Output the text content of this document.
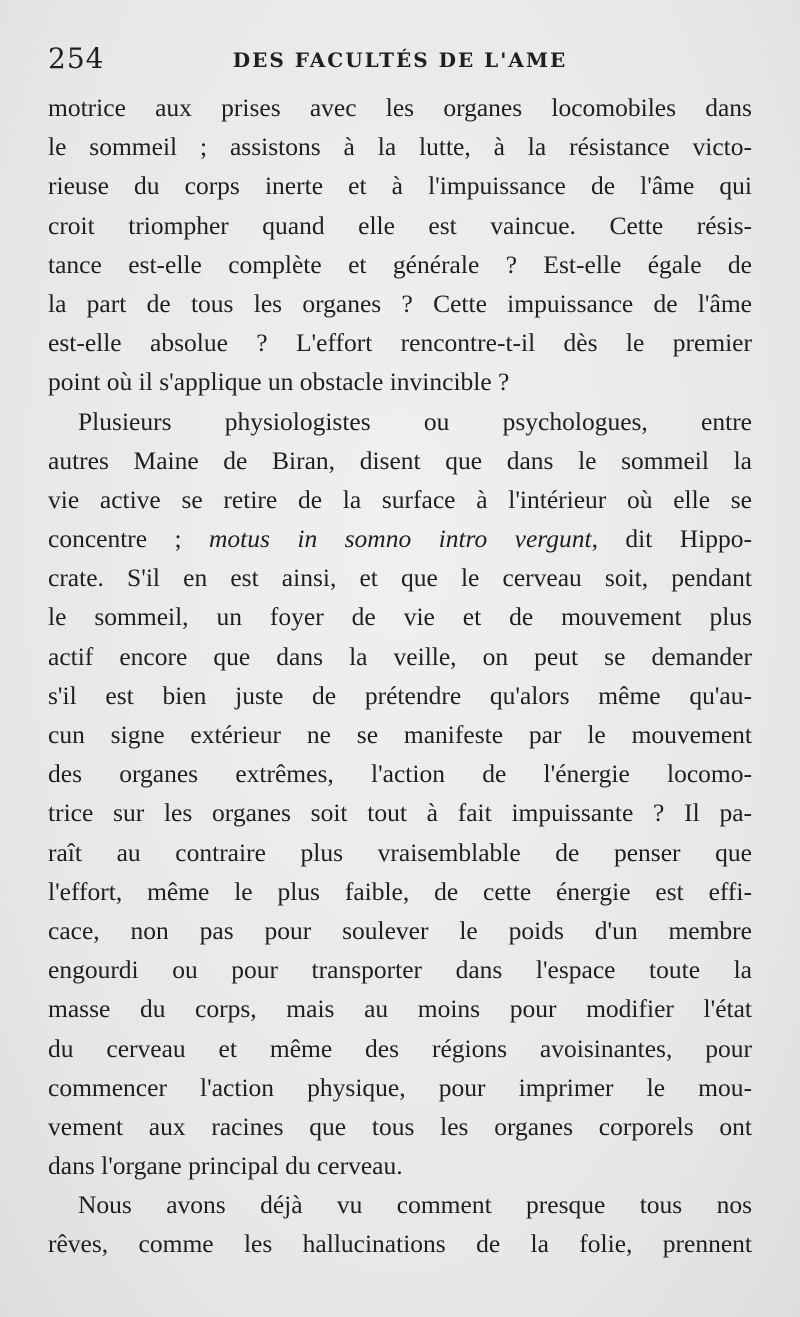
254	DES FACULTÉS DE L'AME
motrice aux prises avec les organes locomobiles dans
le sommeil ; assistons à la lutte, à la résistance victo-
rieuse du corps inerte et à l'impuissance de l'âme qui
croit triompher quand elle est vaincue. Cette résis-
tance est-elle complète et générale ? Est-elle égale de
la part de tous les organes ? Cette impuissance de l'âme
est-elle absolue ? L'effort rencontre-t-il dès le premier
point où il s'applique un obstacle invincible ?
Plusieurs physiologistes ou psychologues, entre
autres Maine de Biran, disent que dans le sommeil la
vie active se retire de la surface à l'intérieur où elle se
concentre ; motus in somno intro vergunt, dit Hippo-
crate. S'il en est ainsi, et que le cerveau soit, pendant
le sommeil, un foyer de vie et de mouvement plus
actif encore que dans la veille, on peut se demander
s'il est bien juste de prétendre qu'alors même qu'au-
cun signe extérieur ne se manifeste par le mouvement
des organes extrêmes, l'action de l'énergie locomo-
trice sur les organes soit tout à fait impuissante ? Il pa-
raît au contraire plus vraisemblable de penser que
l'effort, même le plus faible, de cette énergie est effi-
cace, non pas pour soulever le poids d'un membre
engourdi ou pour transporter dans l'espace toute la
masse du corps, mais au moins pour modifier l'état
du cerveau et même des régions avoisinantes, pour
commencer l'action physique, pour imprimer le mou-
vement aux racines que tous les organes corporels ont
dans l'organe principal du cerveau.
Nous avons déjà vu comment presque tous nos
rêves, comme les hallucinations de la folie, prennent
